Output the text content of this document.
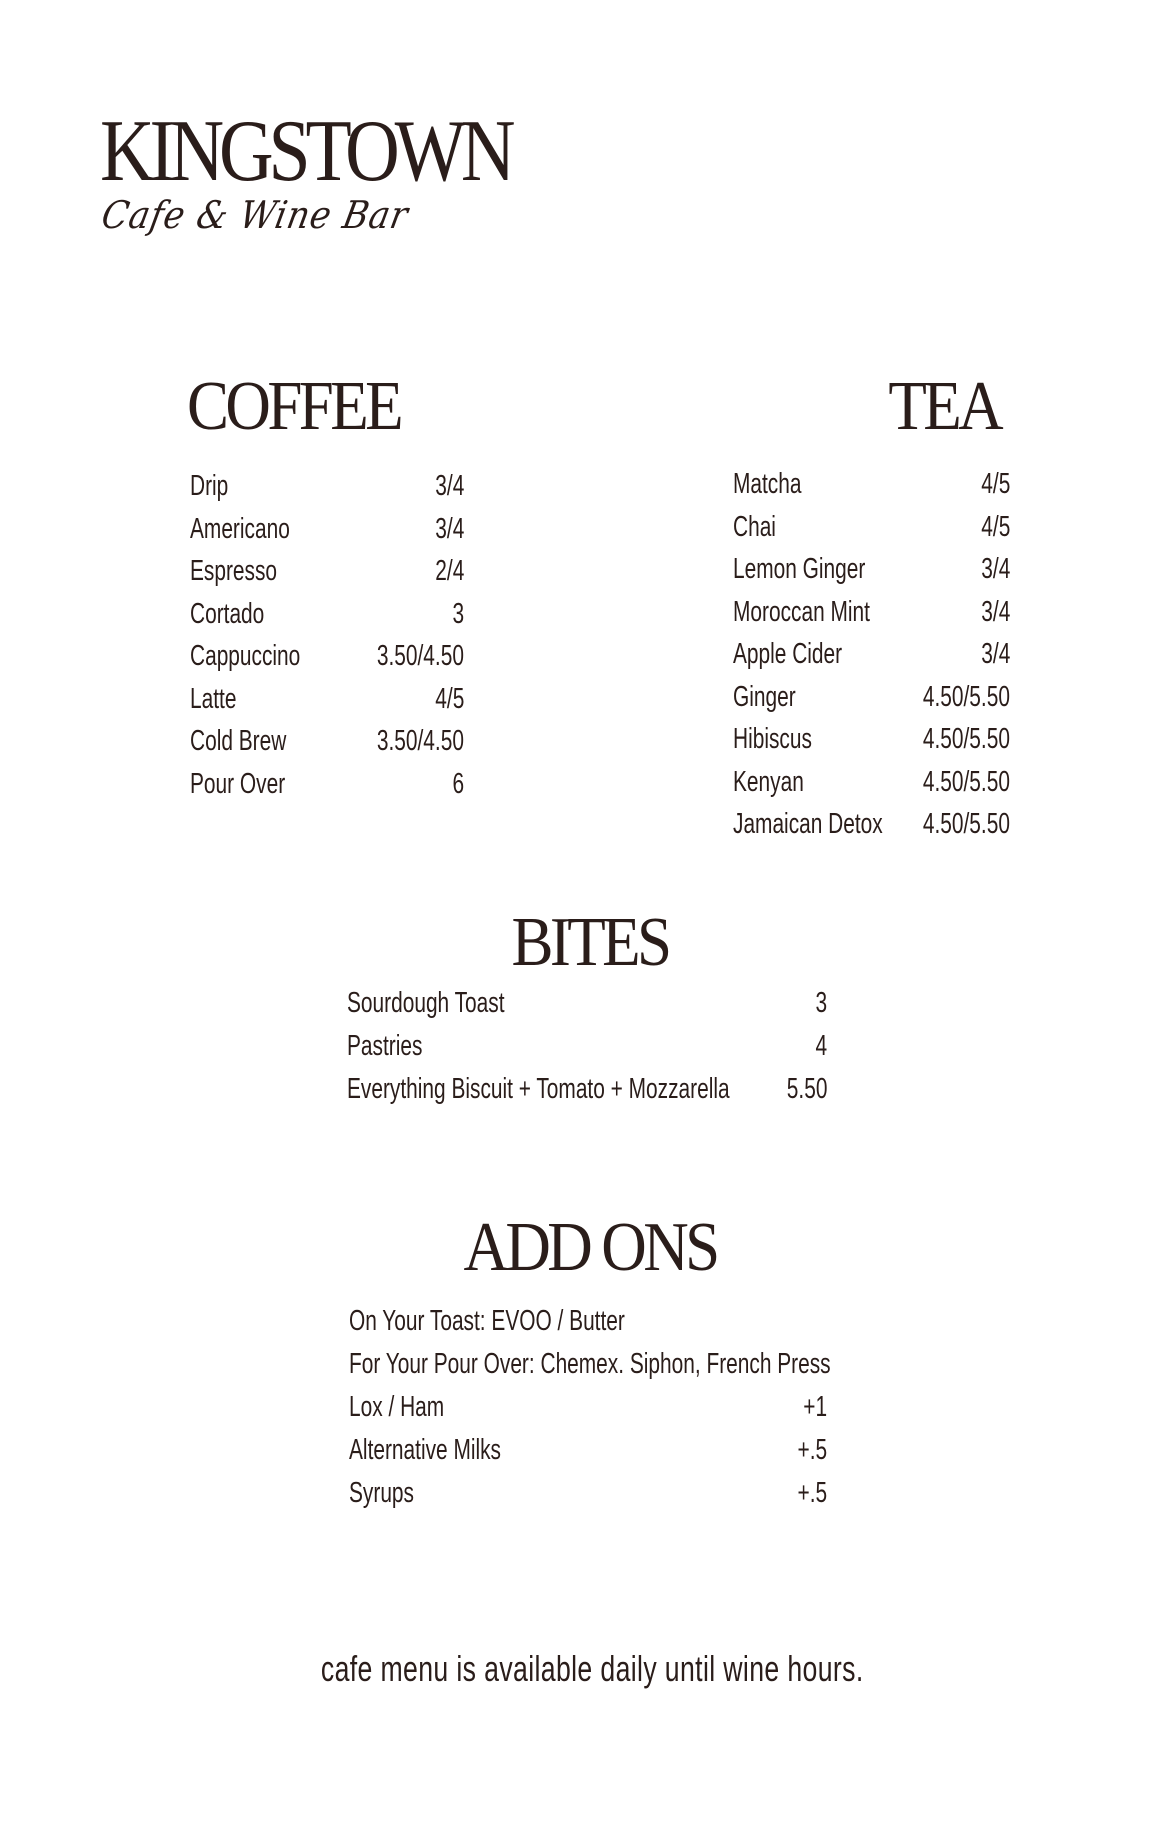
KINGSTOWN
Cafe & Wine Bar
COFFEE
Drip	3/4
Americano	3/4
Espresso	2/4
Cortado	3
Cappuccino	3.50/4.50
Latte	4/5
Cold Brew	3.50/4.50
Pour Over	6
TEA
Matcha	4/5
Chai	4/5
Lemon Ginger	3/4
Moroccan Mint	3/4
Apple Cider	3/4
Ginger	4.50/5.50
Hibiscus	4.50/5.50
Kenyan	4.50/5.50
Jamaican Detox 4.50/5.50
BITES
Sourdough Toast	3
Pastries	4
Everything Biscuit + Tomato + Mozzarella 5.50
ADD ONS
On Your Toast: EVOO / Butter
For Your Pour Over: Chemex. Siphon, French Press
Lox / Ham	+1
Alternative Milks	+.5
Syrups	+.5
cafe menu is available daily until wine hours.
